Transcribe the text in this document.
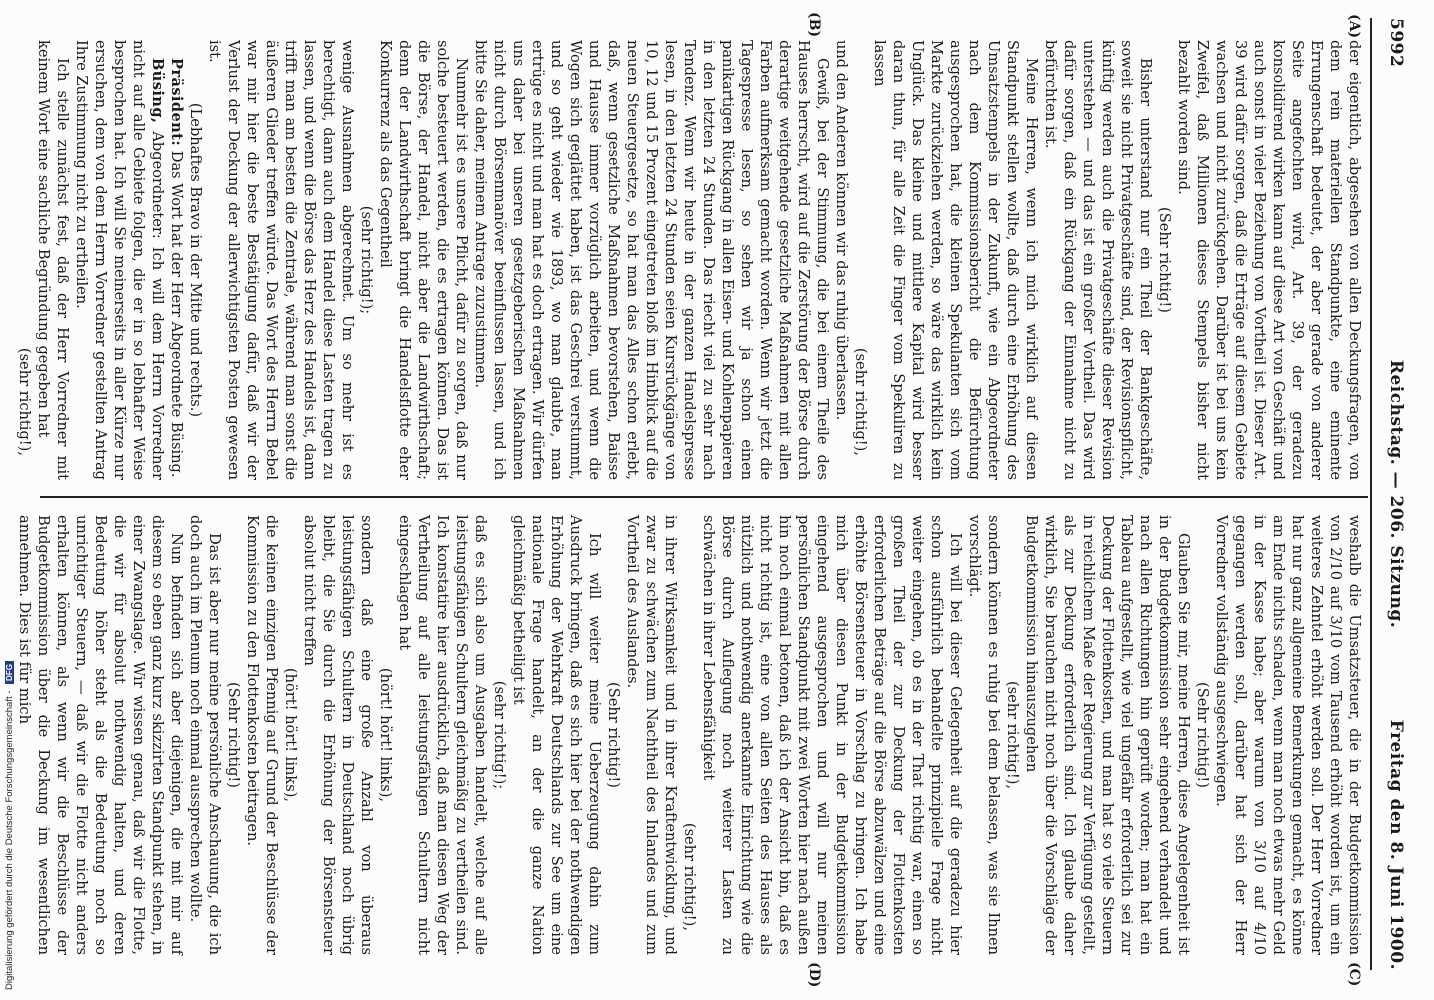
5992
Reichstag. — 206. Sitzung.
Freitag den 8. Juni 1900.
(A)
(B)
(C)
(D)

der eigentlich, abgesehen von allen Deckungsfragen, von dem rein materiellen Standpunkte, eine eminente Errungenschaft bedeutet, der aber gerade von anderer Seite angefochten wird, Art. 39, der geradezu konsolidirend wirken kann auf diese Art von Geschäft und auch sonst in vieler Beziehung von Vortheil ist. Dieser Art. 39 wird dafür sorgen, daß die Erträge auf diesem Gebiete wachsen und nicht zurückgehen. Darüber ist bei uns kein Zweifel, daß Millionen dieses Stempels bisher nicht bezahlt worden sind.

(Sehr richtig!)

Bisher unterstand nur ein Theil der Bankgeschäfte, soweit sie nicht Privatgeschäfte sind, der Revisionspflicht, künftig werden auch die Privatgeschäfte dieser Revision unterstehen — und das ist ein großer Vortheil. Das wird dafür sorgen, daß ein Rückgang der Einnahme nicht zu befürchten ist.

Meine Herren, wenn ich mich wirklich auf diesen Standpunkt stellen wollte, daß durch eine Erhöhung des Umsatzstempels in der Zukunft, wie ein Abgeordneter nach dem Kommissionsbericht die Befürchtung ausgesprochen hat, die kleinen Spekulanten sich vom Markte zurückziehen werden, so wäre das wirklich kein Unglück. Das kleine und mittlere Kapital wird besser daran thun, für alle Zeit die Finger vom Spekuliren zu lassen

(sehr richtig!),

und den Anderen können wir das ruhig überlassen.

Gewiß, bei der Stimmung, die bei einem Theile des Hauses herrscht, wird auf die Zerstörung der Börse durch derartige weitgehende gesetzliche Maßnahmen mit allen Farben aufmerksam gemacht worden. Wenn wir jetzt die Tagespresse lesen, so sehen wir ja schon einen panikartigen Rückgang in allen Eisen- und Kohlenpapieren in den letzten 24 Stunden. Das riecht viel zu sehr nach Tendenz. Wenn wir heute in der ganzen Handelspresse lesen, in den letzten 24 Stunden seien Kursrückgänge von 10, 12 und 15 Prozent eingetreten bloß im Hinblick auf die neuen Steuergesetze, so hat man das Alles schon erlebt, daß, wenn gesetzliche Maßnahmen bevorstehen, Baisse und Hausse immer vorzüglich arbeiten, und wenn die Wogen sich geglättet haben, ist das Geschrei verstummt, und so geht wieder wie 1893, wo man glaubte, man ertrüge es nicht und man hat es doch ertragen. Wir dürfen uns daher bei unseren gesetzgeberischen Maßnahmen nicht durch Börsenmanöver beeinflussen lassen, und ich bitte Sie daher, meinem Antrage zuzustimmen.

Nunmehr ist es unsere Pflicht, dafür zu sorgen, daß nur solche besteuert werden, die es ertragen können. Das ist die Börse, der Handel, nicht aber die Landwirthschaft; denn der Landwirthschaft bringt die Handelsflotte eher Konkurrenz als das Gegentheil

(sehr richtig!);

wenige Ausnahmen abgerechnet. Um so mehr ist es berechtigt, dann auch dem Handel diese Lasten tragen zu lassen, und wenn die Börse das Herz des Handels ist, dann trifft man am besten die Zentrale, während man sonst die äußeren Glieder treffen würde. Das Wort des Herrn Bebel war mir hier die beste Bestätigung dafür, daß wir der Verlust der Deckung der allerwichtigsten Posten gewesen ist.

(Lebhaftes Bravo in der Mitte und rechts.)

Präsident: Das Wort hat der Herr Abgeordnete Büsing.

Büsing, Abgeordneter: Ich will dem Herrn Vorredner nicht auf alle Gebiete folgen, die er in so lebhafter Weise besprochen hat. Ich will Sie meinerseits in aller Kürze nur ersuchen, dem von dem Herrn Vorredner gestellten Antrag Ihre Zustimmung nicht zu ertheilen.

Ich stelle zunächst fest, daß der Herr Vorredner mit keinem Wort eine sachliche Begründung gegeben hat

(sehr richtig!),

weshalb die Umsatzsteuer, die in der Budgetkommission von 2/10 auf 3/10 vom Tausend erhöht worden ist, um ein weiteres Zehntel erhöht werden soll. Der Herr Vorredner hat nur ganz allgemeine Bemerkungen gemacht, es könne am Ende nichts schaden, wenn man noch etwas mehr Geld in der Kasse habe; aber warum von 3/10 auf 4/10 gegangen werden soll, darüber hat sich der Herr Vorredner vollständig ausgeschwiegen.

(Sehr richtig!)

Glauben Sie mir, meine Herren, diese Angelegenheit ist in der Budgetkommission sehr eingehend verhandelt und nach allen Richtungen hin geprüft worden; man hat ein Tableau aufgestellt, wie viel ungefähr erforderlich sei zur Deckung der Flottenkosten, und man hat so viele Steuern in reichlichem Maße der Regierung zur Verfügung gestellt, als zur Deckung erforderlich sind. Ich glaube daher wirklich, Sie brauchen nicht noch über die Vorschläge der Budgetkommission hinauszugehen

(sehr richtig!),

sondern können es ruhig bei dem belassen, was sie Ihnen vorschlägt.

Ich will bei dieser Gelegenheit auf die geradezu hier schon ausführlich behandelte prinzipielle Frage nicht weiter eingehen, ob es in der That richtig war, einen so großen Theil der zur Deckung der Flottenkosten erforderlichen Beträge auf die Börse abzuwälzen und eine erhöhte Börsensteuer in Vorschlag zu bringen. Ich habe mich über diesen Punkt in der Budgetkommission eingehend ausgesprochen und will nur meinen persönlichen Standpunkt mit zwei Worten hier nach außen hin noch einmal betonen, daß ich der Ansicht bin, daß es nicht richtig ist, eine von allen Seiten des Hauses als nützlich und nothwendig anerkannte Einrichtung wie die Börse durch Auflegung noch weiterer Lasten zu schwächen in ihrer Lebensfähigkeit

(sehr richtig!),

in ihrer Wirksamkeit und in ihrer Kraftentwicklung, und zwar zu schwächen zum Nachtheil des Inlandes und zum Vortheil des Auslandes.

(Sehr richtig!)

Ich will weiter meine Ueberzeugung dahin zum Ausdruck bringen, daß es sich hier bei der nothwendigen Erhöhung der Wehrkraft Deutschlands zur See um eine nationale Frage handelt, an der die ganze Nation gleichmäßig betheiligt ist

(sehr richtig!);

daß es sich also um Ausgaben handelt, welche auf alle leistungsfähigen Schultern gleichmäßig zu vertheilen sind. Ich konstatire hier ausdrücklich, daß man diesen Weg der Vertheilung auf alle leistungsfähigen Schultern nicht eingeschlagen hat

(hört! hört! links),

sondern daß eine große Anzahl von überaus leistungsfähigen Schultern in Deutschland noch übrig bleibt, die Sie durch die Erhöhung der Börsensteuer absolut nicht treffen

(hört! hört! links),

die keinen einzigen Pfennig auf Grund der Beschlüsse der Kommission zu den Flottenkosten beitragen.

(Sehr richtig!)

Das ist aber nur meine persönliche Anschauung, die ich doch auch im Plenum noch einmal aussprechen wollte.

Nun befinden sich aber diejenigen, die mit mir auf diesem so eben ganz kurz skizzirten Standpunkt stehen, in einer Zwangslage. Wir wissen genau, daß wir die Flotte, die wir für absolut nothwendig halten, und deren Bedeutung höher steht als die Bedeutung noch so unrichtiger Steuern, — daß wir die Flotte nicht anders erhalten können, als wenn wir die Beschlüsse der Budgetkommission über die Deckung im wesentlichen annehmen. Dies ist für mich

Digitalisierung gefördert durch die Deutsche Forschungsgemeinschaft - DFG
